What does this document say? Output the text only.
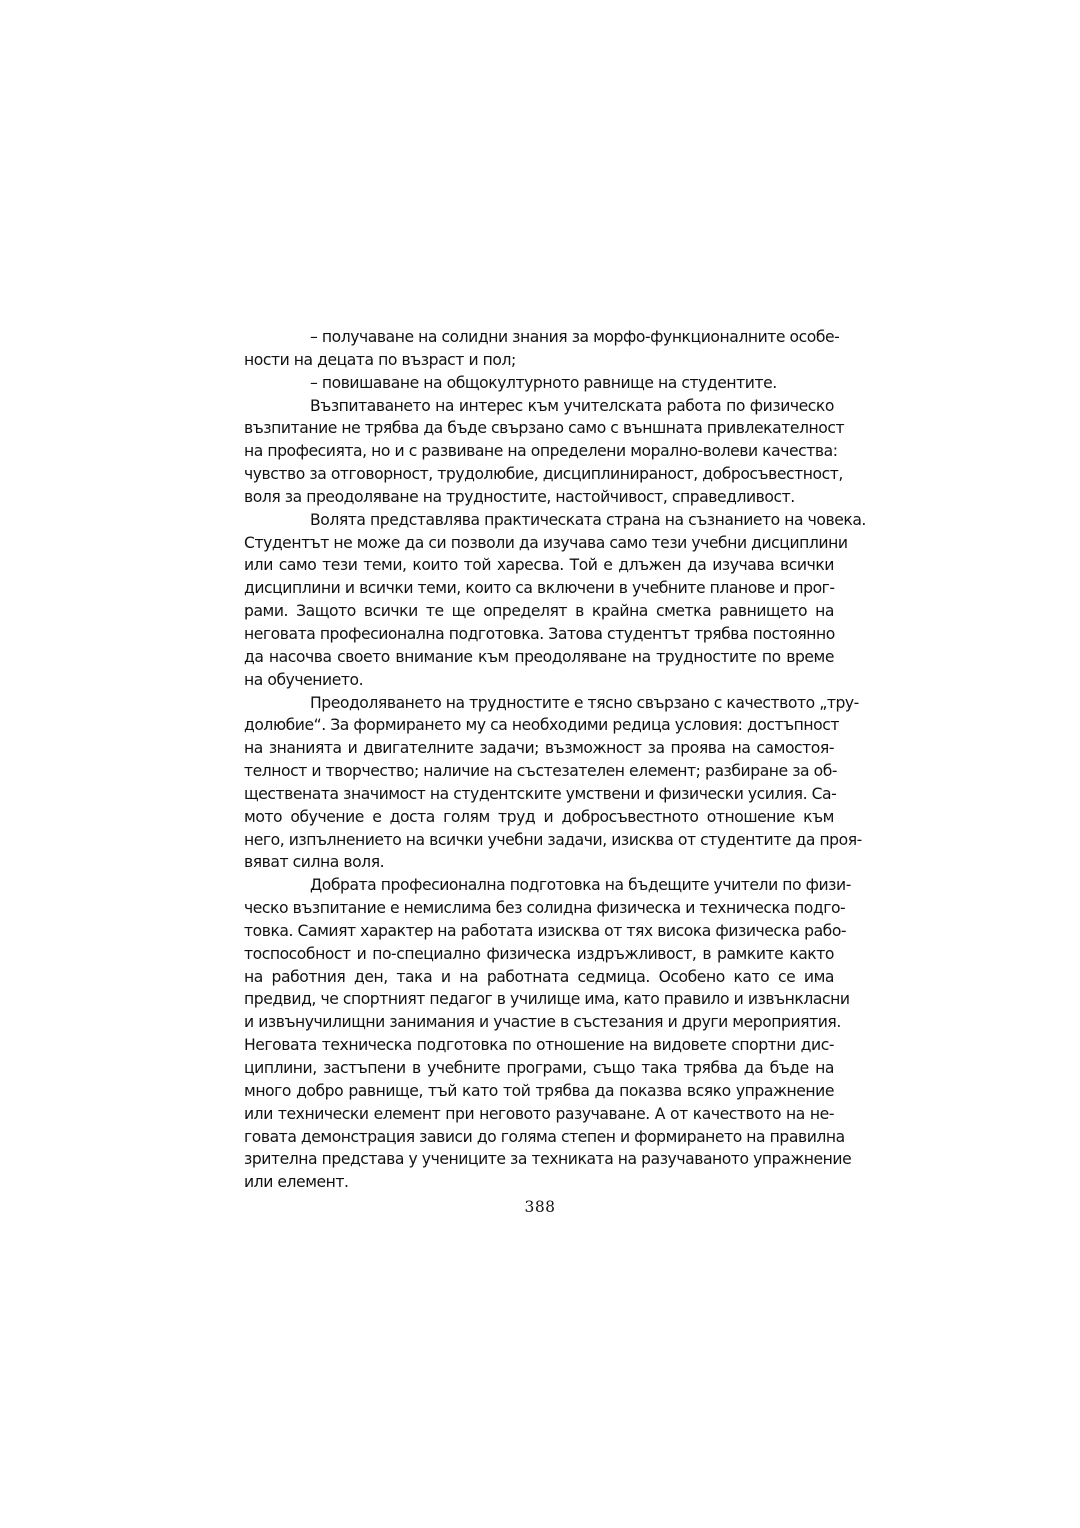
– получаване на солидни знания за морфо-функционалните особе-
ности на децата по възраст и пол;
– повишаване на общокултурното равнище на студентите.
Възпитаването на интерес към учителската работа по физическо
възпитание не трябва да бъде свързано само с външната привлекателност
на професията, но и с развиване на определени морално-волеви качества:
чувство за отговорност, трудолюбие, дисциплинираност, добросъвестност,
воля за преодоляване на трудностите, настойчивост, справедливост.
Волята представлява практическата страна на съзнанието на човека.
Студентът не може да си позволи да изучава само тези учебни дисциплини
или само тези теми, които той харесва. Той е длъжен да изучава всички
дисциплини и всички теми, които са включени в учебните планове и прог-
рами. Защото всички те ще определят в крайна сметка равнището на
неговата професионална подготовка. Затова студентът трябва постоянно
да насочва своето внимание към преодоляване на трудностите по време
на обучението.
Преодоляването на трудностите е тясно свързано с качеството „тру-
долюбие“. За формирането му са необходими редица условия: достъпност
на знанията и двигателните задачи; възможност за проява на самостоя-
телност и творчество; наличие на състезателен елемент; разбиране за об-
ществената значимост на студентските умствени и физически усилия. Са-
мото обучение е доста голям труд и добросъвестното отношение към
него, изпълнението на всички учебни задачи, изисква от студентите да проя-
вяват силна воля.
Добрата професионална подготовка на бъдещите учители по физи-
ческо възпитание е немислима без солидна физическа и техническа подго-
товка. Самият характер на работата изисква от тях висока физическа рабо-
тоспособност и по-специално физическа издръжливост, в рамките както
на работния ден, така и на работната седмица. Особено като се има
предвид, че спортният педагог в училище има, като правило и извънкласни
и извънучилищни занимания и участие в състезания и други мероприятия.
Неговата техническа подготовка по отношение на видовете спортни дис-
циплини, застъпени в учебните програми, също така трябва да бъде на
много добро равнище, тъй като той трябва да показва всяко упражнение
или технически елемент при неговото разучаване. А от качеството на не-
говата демонстрация зависи до голяма степен и формирането на правилна
зрителна представа у учениците за техниката на разучаваното упражнение
или елемент.
388
